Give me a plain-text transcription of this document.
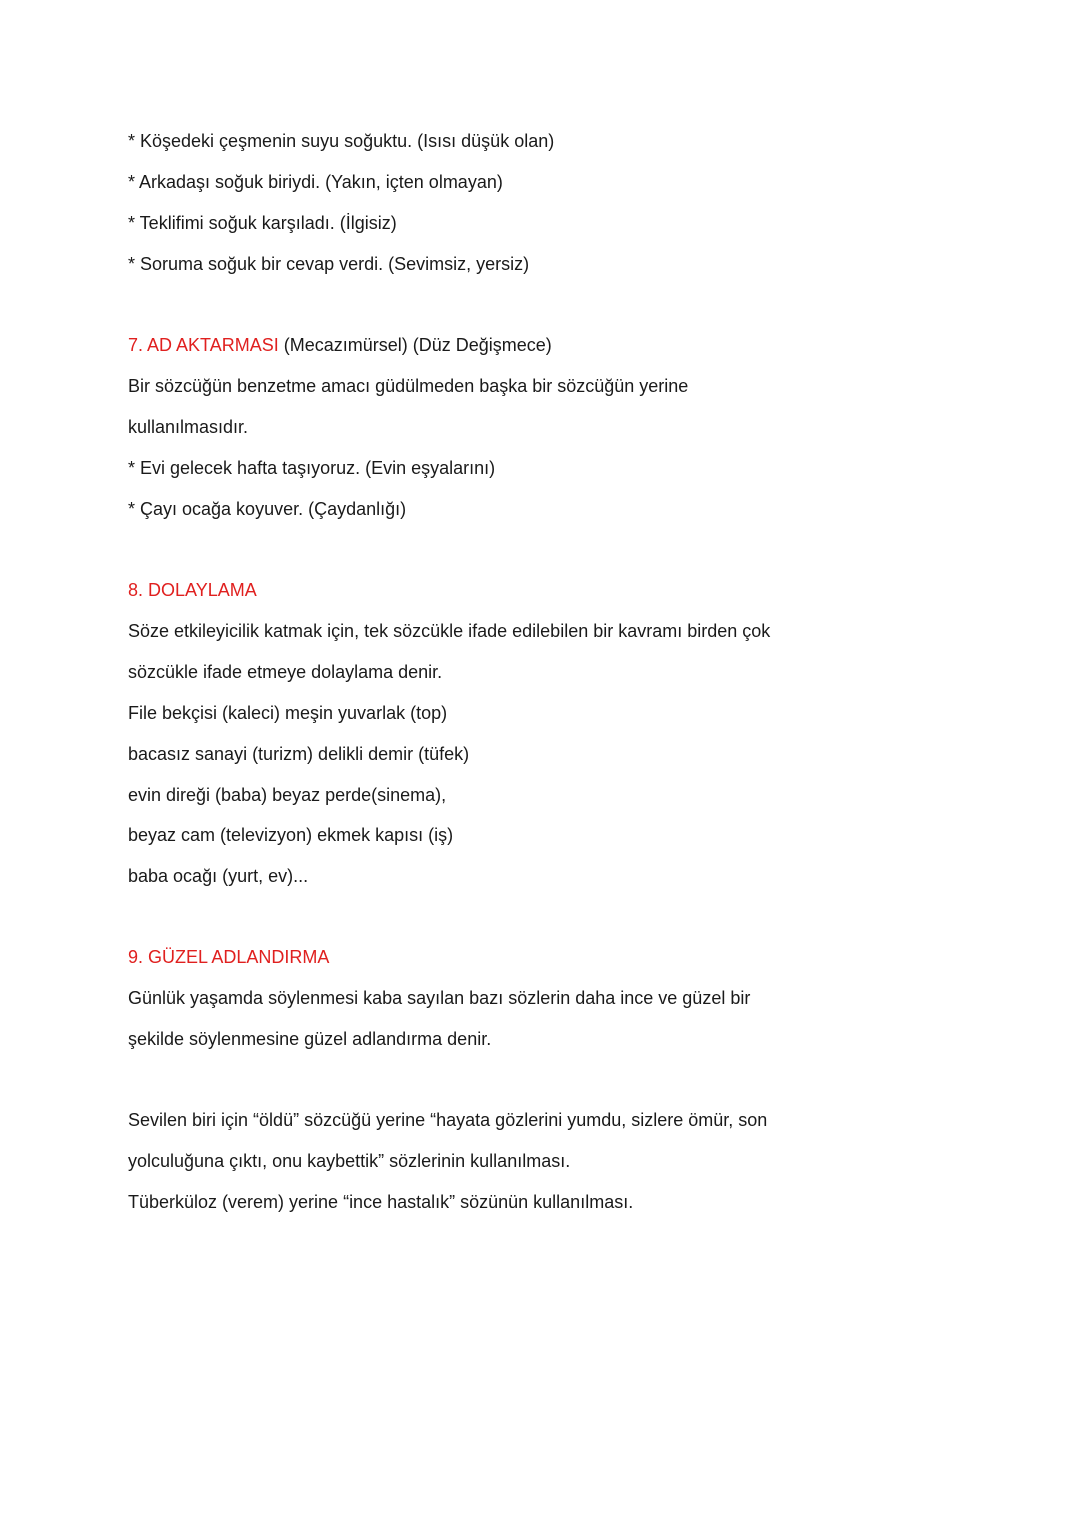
* Köşedeki çeşmenin suyu soğuktu. (Isısı düşük olan)
* Arkadaşı soğuk biriydi. (Yakın, içten olmayan)
* Teklifimi soğuk karşıladı. (İlgisiz)
* Soruma soğuk bir cevap verdi. (Sevimsiz, yersiz)
7. AD AKTARMASI (Mecazımürsel) (Düz Değişmece)
Bir sözcüğün benzetme amacı güdülmeden başka bir sözcüğün yerine
kullanılmasıdır.
* Evi gelecek hafta taşıyoruz. (Evin eşyalarını)
* Çayı ocağa koyuver. (Çaydanlığı)
8. DOLAYLAMA
Söze etkileyicilik katmak için, tek sözcükle ifade edilebilen bir kavramı birden çok
sözcükle ifade etmeye dolaylama denir.
File bekçisi (kaleci) meşin yuvarlak (top)
bacasız sanayi (turizm) delikli demir (tüfek)
evin direği (baba) beyaz perde(sinema),
beyaz cam (televizyon) ekmek kapısı (iş)
baba ocağı (yurt, ev)...
9. GÜZEL ADLANDIRMA
Günlük yaşamda söylenmesi kaba sayılan bazı sözlerin daha ince ve güzel bir
şekilde söylenmesine güzel adlandırma denir.
Sevilen biri için “öldü” sözcüğü yerine “hayata gözlerini yumdu, sizlere ömür, son
yolculuğuna çıktı, onu kaybettik” sözlerinin kullanılması.
Tüberküloz (verem) yerine “ince hastalık” sözünün kullanılması.
